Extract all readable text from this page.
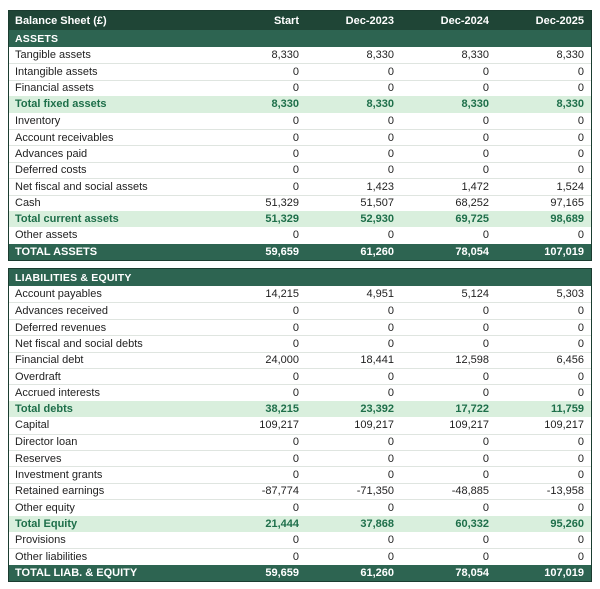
Balance Sheet (£)	Start	Dec-2023	Dec-2024	Dec-2025
ASSETS
Tangible assets	8,330	8,330	8,330	8,330
Intangible assets	0	0	0	0
Financial assets	0	0	0	0
Total fixed assets	8,330	8,330	8,330	8,330
Inventory	0	0	0	0
Account receivables	0	0	0	0
Advances paid	0	0	0	0
Deferred costs	0	0	0	0
Net fiscal and social assets	0	1,423	1,472	1,524
Cash	51,329	51,507	68,252	97,165
Total current assets	51,329	52,930	69,725	98,689
Other assets	0	0	0	0
TOTAL ASSETS	59,659	61,260	78,054	107,019
LIABILITIES & EQUITY
Account payables	14,215	4,951	5,124	5,303
Advances received	0	0	0	0
Deferred revenues	0	0	0	0
Net fiscal and social debts	0	0	0	0
Financial debt	24,000	18,441	12,598	6,456
Overdraft	0	0	0	0
Accrued interests	0	0	0	0
Total debts	38,215	23,392	17,722	11,759
Capital	109,217	109,217	109,217	109,217
Director loan	0	0	0	0
Reserves	0	0	0	0
Investment grants	0	0	0	0
Retained earnings	-87,774	-71,350	-48,885	-13,958
Other equity	0	0	0	0
Total Equity	21,444	37,868	60,332	95,260
Provisions	0	0	0	0
Other liabilities	0	0	0	0
TOTAL LIAB. & EQUITY	59,659	61,260	78,054	107,019
